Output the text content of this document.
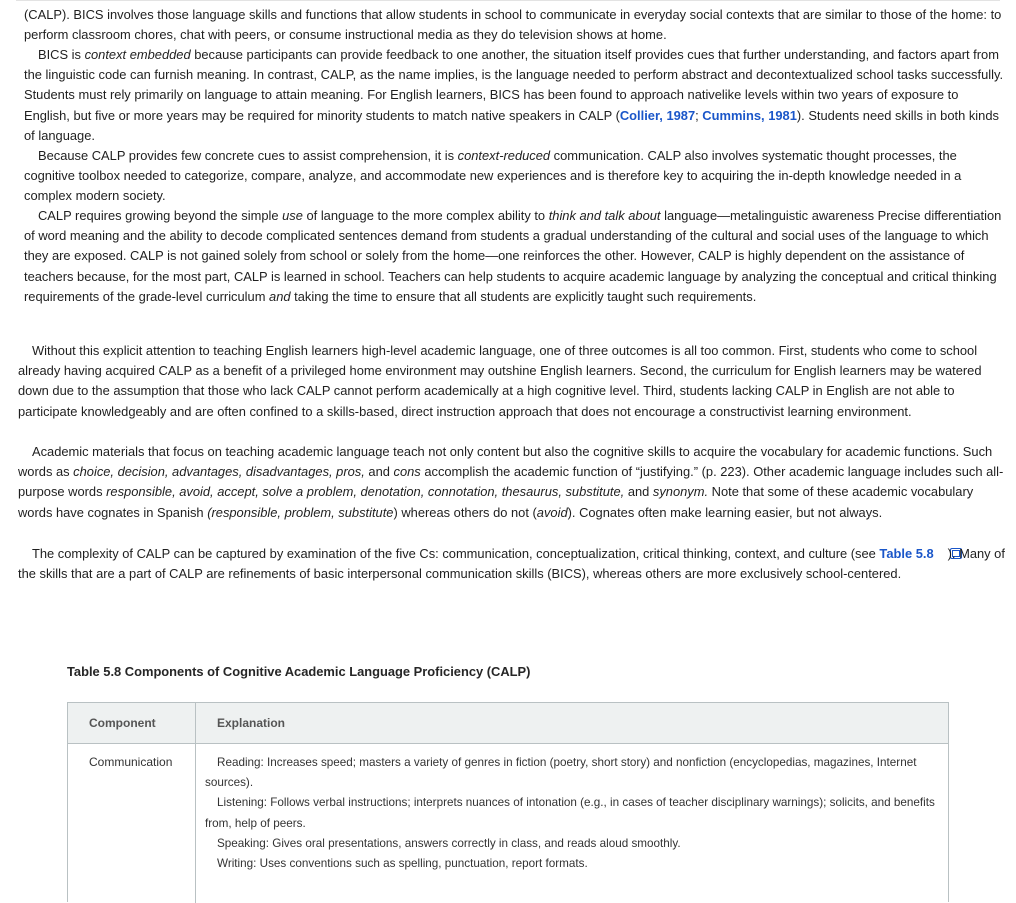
(CALP). BICS involves those language skills and functions that allow students in school to communicate in everyday social contexts that are similar to those of the home: to perform classroom chores, chat with peers, or consume instructional media as they do television shows at home.

BICS is context embedded because participants can provide feedback to one another, the situation itself provides cues that further understanding, and factors apart from the linguistic code can furnish meaning. In contrast, CALP, as the name implies, is the language needed to perform abstract and decontextualized school tasks successfully. Students must rely primarily on language to attain meaning. For English learners, BICS has been found to approach nativelike levels within two years of exposure to English, but five or more years may be required for minority students to match native speakers in CALP (Collier, 1987; Cummins, 1981). Students need skills in both kinds of language.

Because CALP provides few concrete cues to assist comprehension, it is context-reduced communication. CALP also involves systematic thought processes, the cognitive toolbox needed to categorize, compare, analyze, and accommodate new experiences and is therefore key to acquiring the in-depth knowledge needed in a complex modern society.

CALP requires growing beyond the simple use of language to the more complex ability to think and talk about language—metalinguistic awareness Precise differentiation of word meaning and the ability to decode complicated sentences demand from students a gradual understanding of the cultural and social uses of the language to which they are exposed. CALP is not gained solely from school or solely from the home—one reinforces the other. However, CALP is highly dependent on the assistance of teachers because, for the most part, CALP is learned in school. Teachers can help students to acquire academic language by analyzing the conceptual and critical thinking requirements of the grade-level curriculum and taking the time to ensure that all students are explicitly taught such requirements.

Without this explicit attention to teaching English learners high-level academic language, one of three outcomes is all too common. First, students who come to school already having acquired CALP as a benefit of a privileged home environment may outshine English learners. Second, the curriculum for English learners may be watered down due to the assumption that those who lack CALP cannot perform academically at a high cognitive level. Third, students lacking CALP in English are not able to participate knowledgeably and are often confined to a skills-based, direct instruction approach that does not encourage a constructivist learning environment.

Academic materials that focus on teaching academic language teach not only content but also the cognitive skills to acquire the vocabulary for academic functions. Such words as choice, decision, advantages, disadvantages, pros, and cons accomplish the academic function of “justifying.” (p. 223). Other academic language includes such all-purpose words responsible, avoid, accept, solve a problem, denotation, connotation, thesaurus, substitute, and synonym. Note that some of these academic vocabulary words have cognates in Spanish (responsible, problem, substitute) whereas others do not (avoid). Cognates often make learning easier, but not always.

The complexity of CALP can be captured by examination of the five Cs: communication, conceptualization, critical thinking, context, and culture (see Table 5.8 ). Many of the skills that are a part of CALP are refinements of basic interpersonal communication skills (BICS), whereas others are more exclusively school-centered.

Table 5.8 Components of Cognitive Academic Language Proficiency (CALP)
Component	Explanation
Communication	Reading: Increases speed; masters a variety of genres in fiction (poetry, short story) and nonfiction (encyclopedias, magazines, Internet sources).
Listening: Follows verbal instructions; interprets nuances of intonation (e.g., in cases of teacher disciplinary warnings); solicits, and benefits from, help of peers.
Speaking: Gives oral presentations, answers correctly in class, and reads aloud smoothly.
Writing: Uses conventions such as spelling, punctuation, report formats.
